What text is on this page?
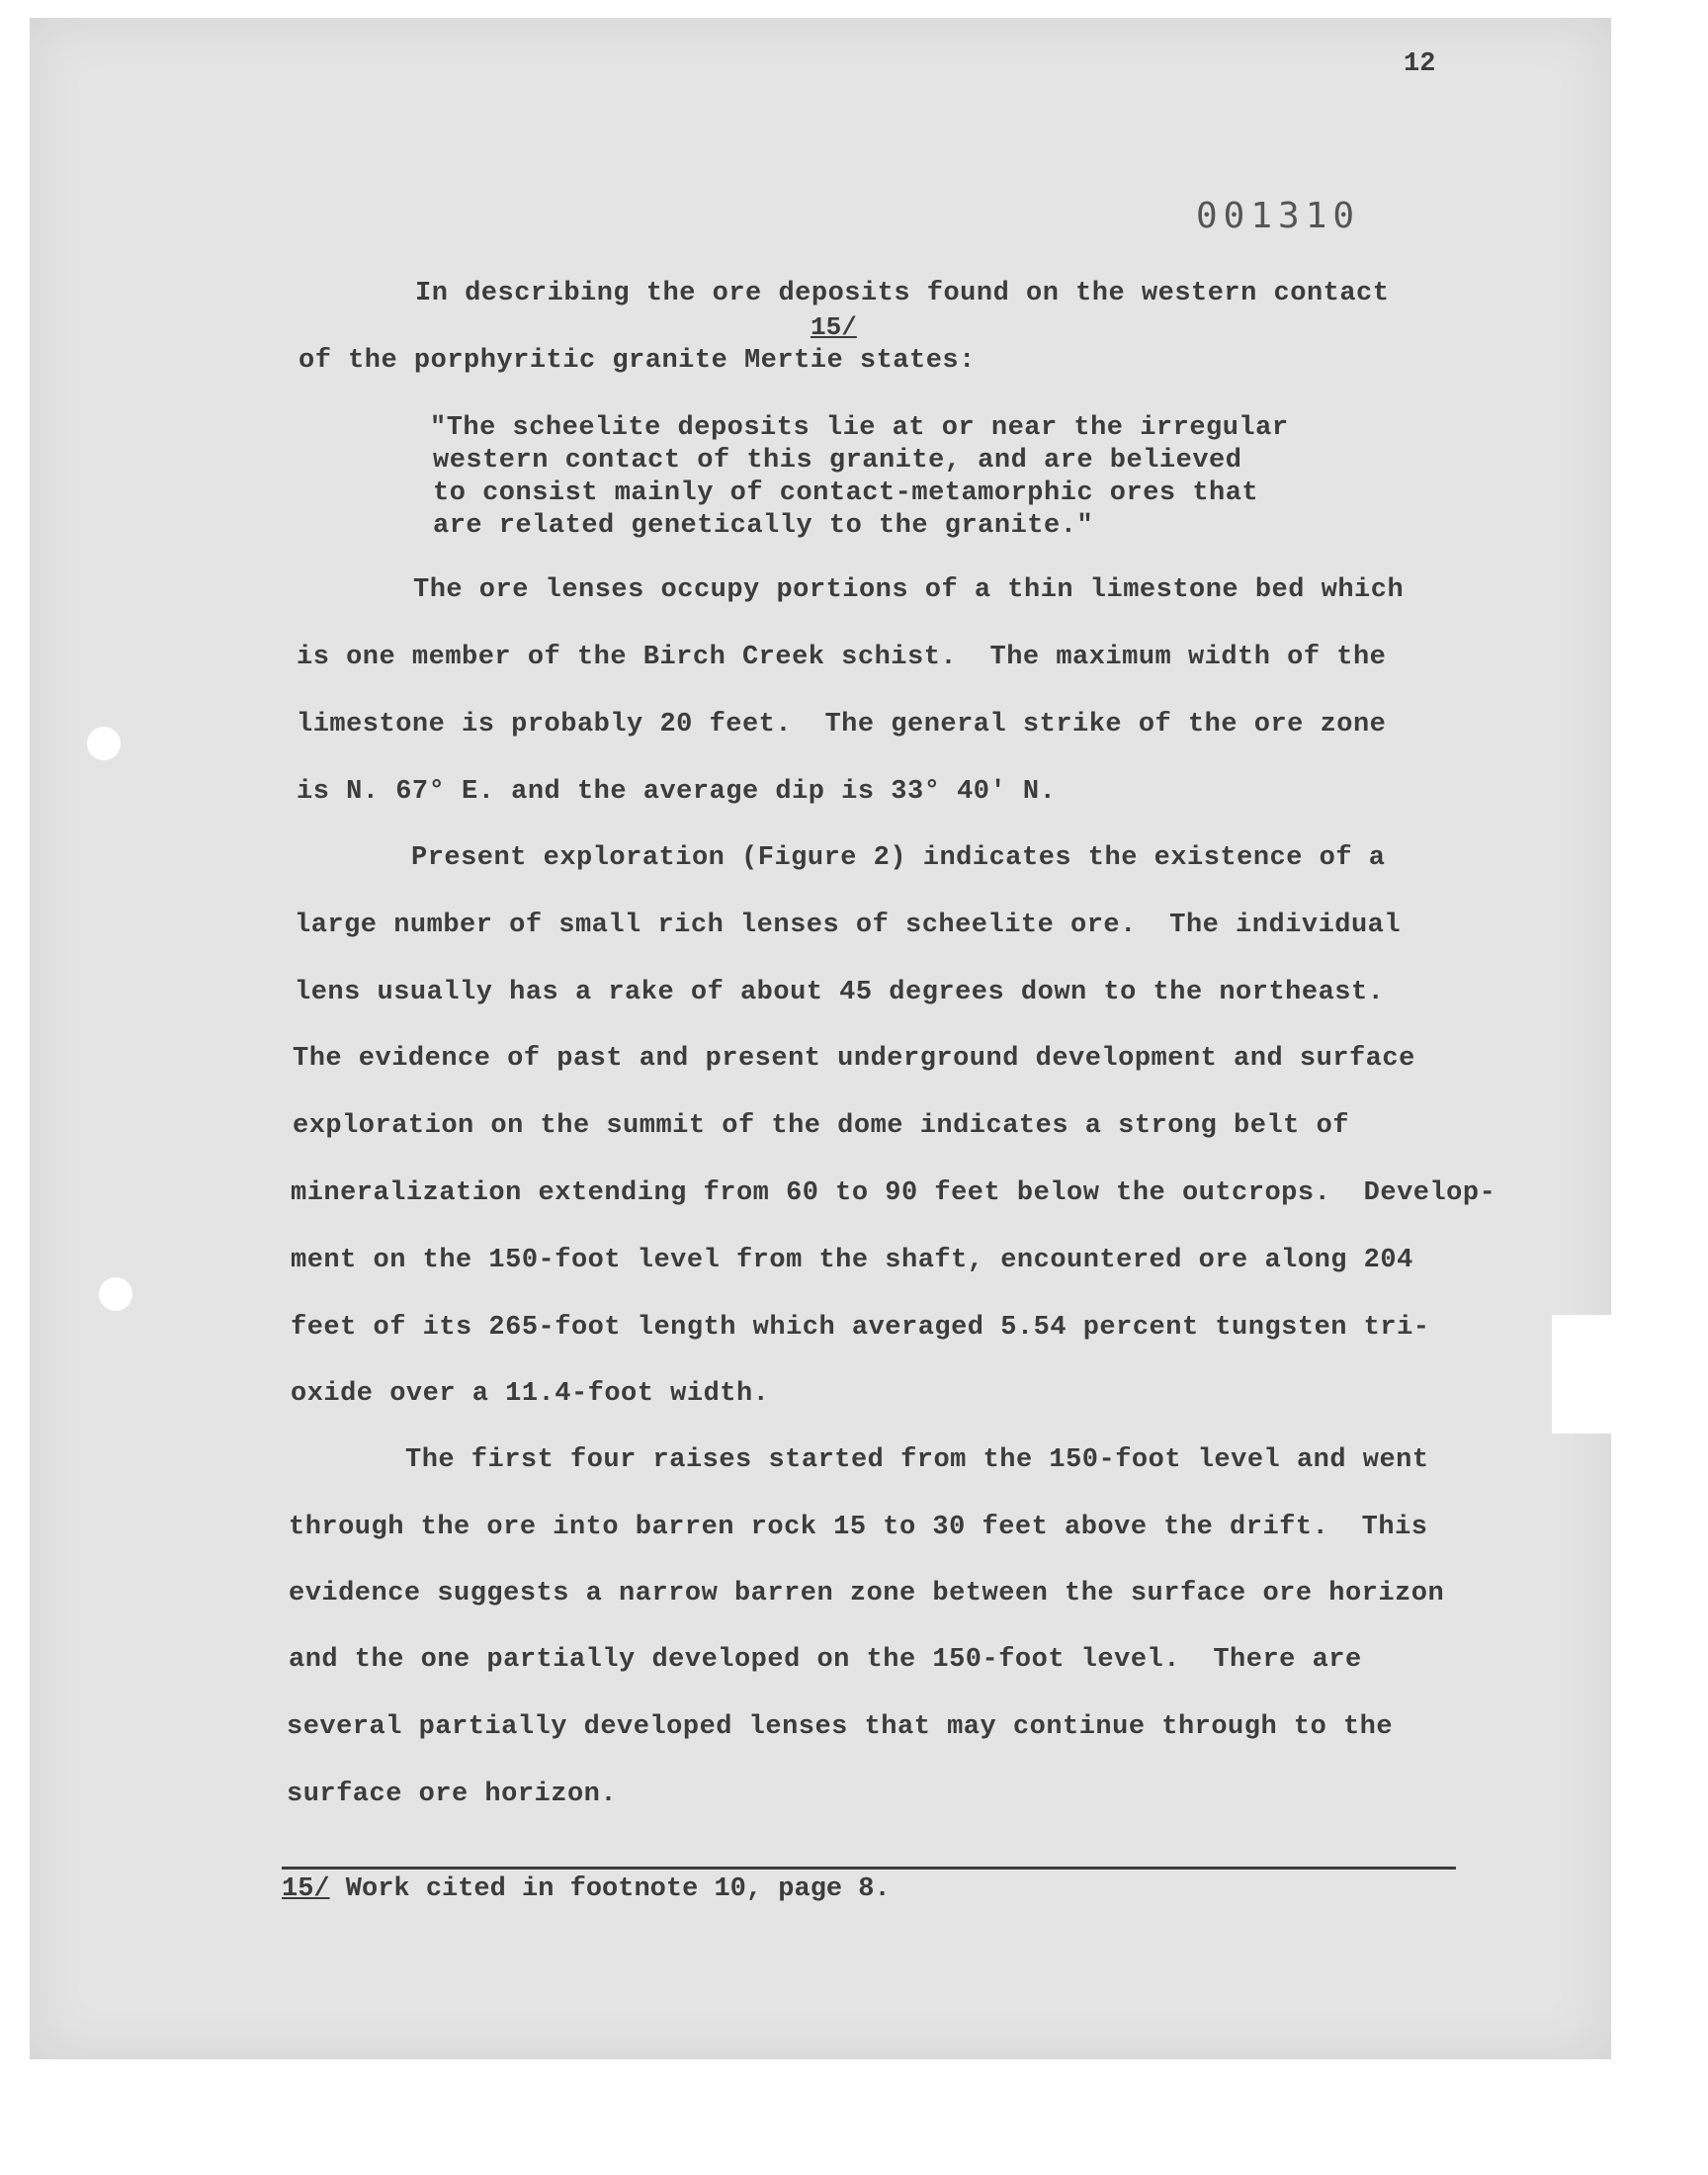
12
001310
In describing the ore deposits found on the western contact
15/
of the porphyritic granite Mertie states:
"The scheelite deposits lie at or near the irregular
western contact of this granite, and are believed
to consist mainly of contact-metamorphic ores that
are related genetically to the granite."
The ore lenses occupy portions of a thin limestone bed which
is one member of the Birch Creek schist.  The maximum width of the
limestone is probably 20 feet.  The general strike of the ore zone
is N. 67° E. and the average dip is 33° 40' N.
Present exploration (Figure 2) indicates the existence of a
large number of small rich lenses of scheelite ore.  The individual
lens usually has a rake of about 45 degrees down to the northeast.
The evidence of past and present underground development and surface
exploration on the summit of the dome indicates a strong belt of
mineralization extending from 60 to 90 feet below the outcrops.  Develop-
ment on the 150-foot level from the shaft, encountered ore along 204
feet of its 265-foot length which averaged 5.54 percent tungsten tri-
oxide over a 11.4-foot width.
The first four raises started from the 150-foot level and went
through the ore into barren rock 15 to 30 feet above the drift.  This
evidence suggests a narrow barren zone between the surface ore horizon
and the one partially developed on the 150-foot level.  There are
several partially developed lenses that may continue through to the
surface ore horizon.
15/ Work cited in footnote 10, page 8.
